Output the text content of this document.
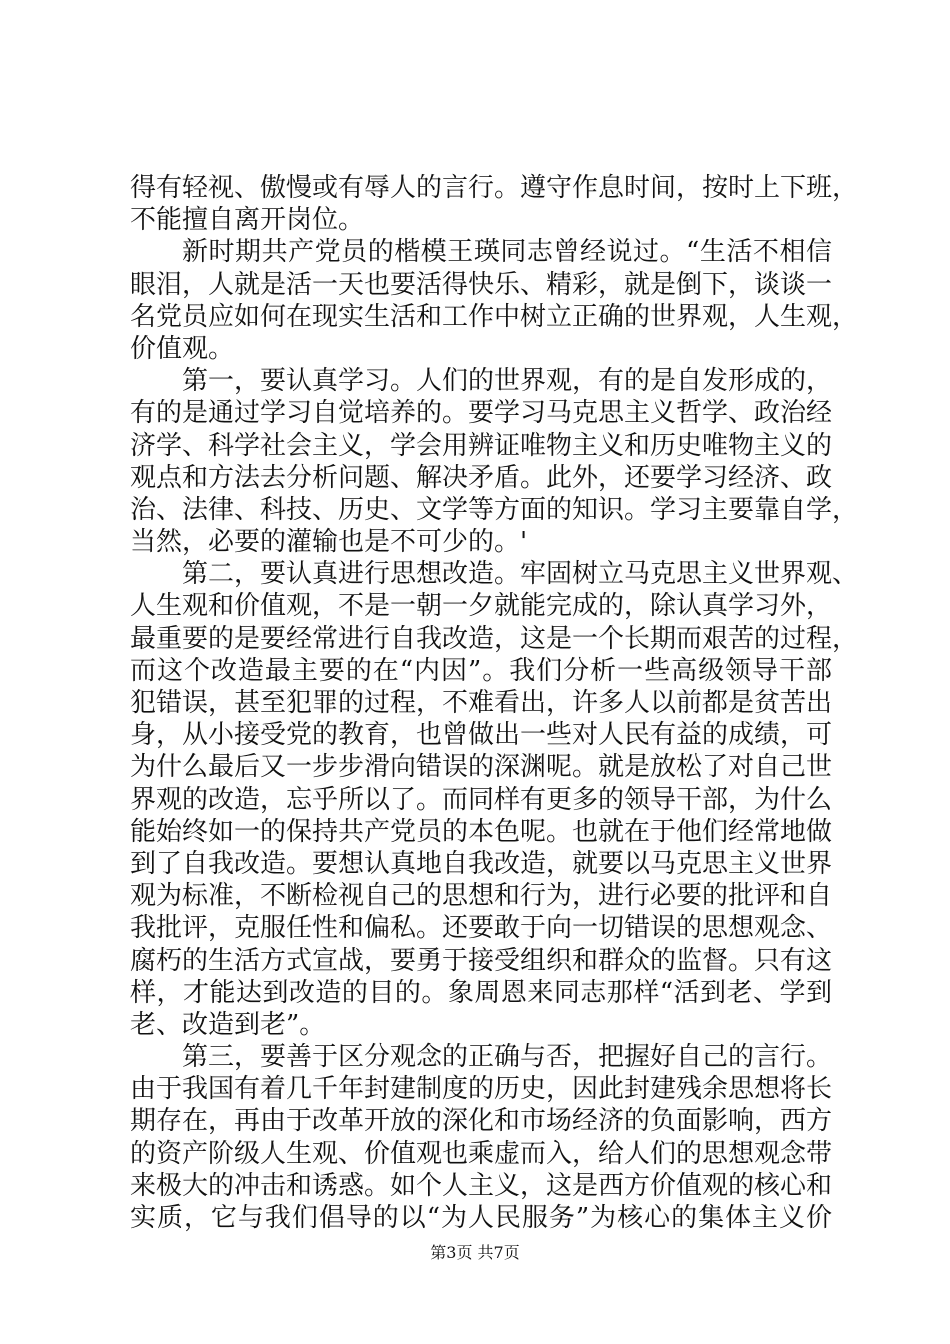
得有轻视、傲慢或有辱人的言行。遵守作息时间，按时上下班，
不能擅自离开岗位。
新时期共产党员的楷模王瑛同志曾经说过。“生活不相信
眼泪，人就是活一天也要活得快乐、精彩，就是倒下，谈谈一
名党员应如何在现实生活和工作中树立正确的世界观，人生观，
价值观。
第一，要认真学习。人们的世界观，有的是自发形成的，
有的是通过学习自觉培养的。要学习马克思主义哲学、政治经
济学、科学社会主义，学会用辨证唯物主义和历史唯物主义的
观点和方法去分析问题、解决矛盾。此外，还要学习经济、政
治、法律、科技、历史、文学等方面的知识。学习主要靠自学，
当然，必要的灌输也是不可少的。'
第二，要认真进行思想改造。牢固树立马克思主义世界观、
人生观和价值观，不是一朝一夕就能完成的，除认真学习外，
最重要的是要经常进行自我改造，这是一个长期而艰苦的过程，
而这个改造最主要的在“内因”。我们分析一些高级领导干部
犯错误，甚至犯罪的过程，不难看出，许多人以前都是贫苦出
身，从小接受党的教育，也曾做出一些对人民有益的成绩，可
为什么最后又一步步滑向错误的深渊呢。就是放松了对自己世
界观的改造，忘乎所以了。而同样有更多的领导干部，为什么
能始终如一的保持共产党员的本色呢。也就在于他们经常地做
到了自我改造。要想认真地自我改造，就要以马克思主义世界
观为标准，不断检视自己的思想和行为，进行必要的批评和自
我批评，克服任性和偏私。还要敢于向一切错误的思想观念、
腐朽的生活方式宣战，要勇于接受组织和群众的监督。只有这
样，才能达到改造的目的。象周恩来同志那样“活到老、学到
老、改造到老”。
第三，要善于区分观念的正确与否，把握好自己的言行。
由于我国有着几千年封建制度的历史，因此封建残余思想将长
期存在，再由于改革开放的深化和市场经济的负面影响，西方
的资产阶级人生观、价值观也乘虚而入，给人们的思想观念带
来极大的冲击和诱惑。如个人主义，这是西方价值观的核心和
实质，它与我们倡导的以“为人民服务”为核心的集体主义价
第3页 共7页
